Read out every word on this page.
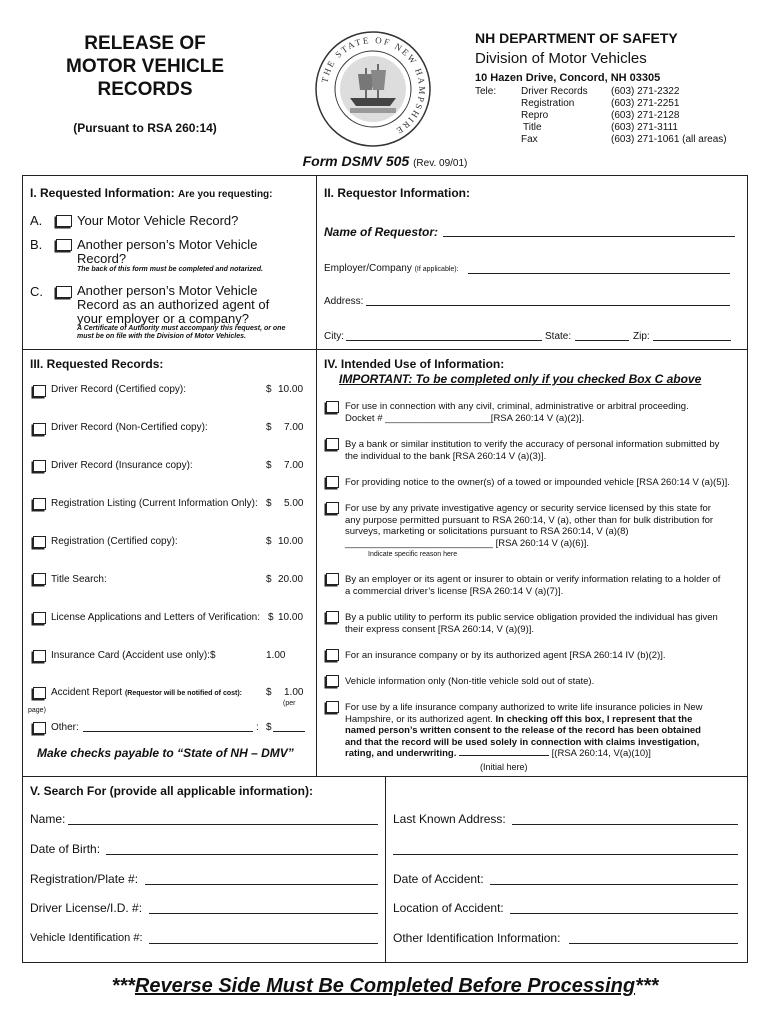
RELEASE OF
MOTOR VEHICLE
RECORDS
(Pursuant to RSA 260:14)
THE STATE OF NEW HAMPSHIRE
NH DEPARTMENT OF SAFETY
Division of Motor Vehicles
10 Hazen Drive, Concord, NH 03305
Tele: Driver Records (603) 271-2322
Registration	(603) 271-2251
Repro	(603) 271-2128
Title	(603) 271-3111
Fax	(603) 271-1061 (all areas)
Form DSMV 505 (Rev. 09/01)
I. Requested Information: Are you requesting:
A.	Your Motor Vehicle Record?
B.	Another person’s Motor Vehicle
Record?
The back of this form must be completed and notarized.
C.	Another person’s Motor Vehicle
Record as an authorized agent of
your employer or a company?
A Certificate of Authority must accompany this request, or one
must be on file with the Division of Motor Vehicles.
II. Requestor Information:
Name of Requestor:
Employer/Company (If applicable):
Address:
City:	State:	Zip:
III. Requested Records:
Driver Record (Certified copy):	$ 10.00
Driver Record (Non-Certified copy):	$ 7.00
Driver Record (Insurance copy):	$ 7.00
Registration Listing (Current Information Only): $ 5.00
Registration (Certified copy):	$ 10.00
Title Search:	$ 20.00
License Applications and Letters of Verification: $ 10.00
Insurance Card (Accident use only):$	1.00
Accident Report (Requestor will be notified of cost): $ 1.00
(per
page)
Other:	: $
Make checks payable to “State of NH – DMV”
IV. Intended Use of Information:
IMPORTANT: To be completed only if you checked Box C above
For use in connection with any civil, criminal, administrative or arbitral proceeding.
Docket # ____________________[RSA 260:14 V (a)(2)].
By a bank or similar institution to verify the accuracy of personal information submitted by
the individual to the bank [RSA 260:14 V (a)(3)].
For providing notice to the owner(s) of a towed or impounded vehicle [RSA 260:14 V (a)(5)].
For use by any private investigative agency or security service licensed by this state for
any purpose permitted pursuant to RSA 260:14, V (a), other than for bulk distribution for
surveys, marketing or solicitations pursuant to RSA 260:14, V (a)(8)
____________________________ [RSA 260:14 V (a)(6)].
Indicate specific reason here
By an employer or its agent or insurer to obtain or verify information relating to a holder of
a commercial driver’s license [RSA 260:14 V (a)(7)].
By a public utility to perform its public service obligation provided the individual has given
their express consent [RSA 260:14, V (a)(9)].
For an insurance company or by its authorized agent [RSA 260:14 IV (b)(2)].
Vehicle information only (Non-title vehicle sold out of state).
For use by a life insurance company authorized to write life insurance policies in New
Hampshire, or its authorized agent. In checking off this box, I represent that the
named person’s written consent to the release of the record has been obtained
and that the record will be used solely in connection with claims investigation,
rating, and underwriting.	[(RSA 260:14, V(a)(10)]
(Initial here)
V. Search For (provide all applicable information):
Name:
Date of Birth:
Registration/Plate #:
Driver License/I.D. #:
Vehicle Identification #:
Last Known Address:
Date of Accident:
Location of Accident:
Other Identification Information:
***Reverse Side Must Be Completed Before Processing***
